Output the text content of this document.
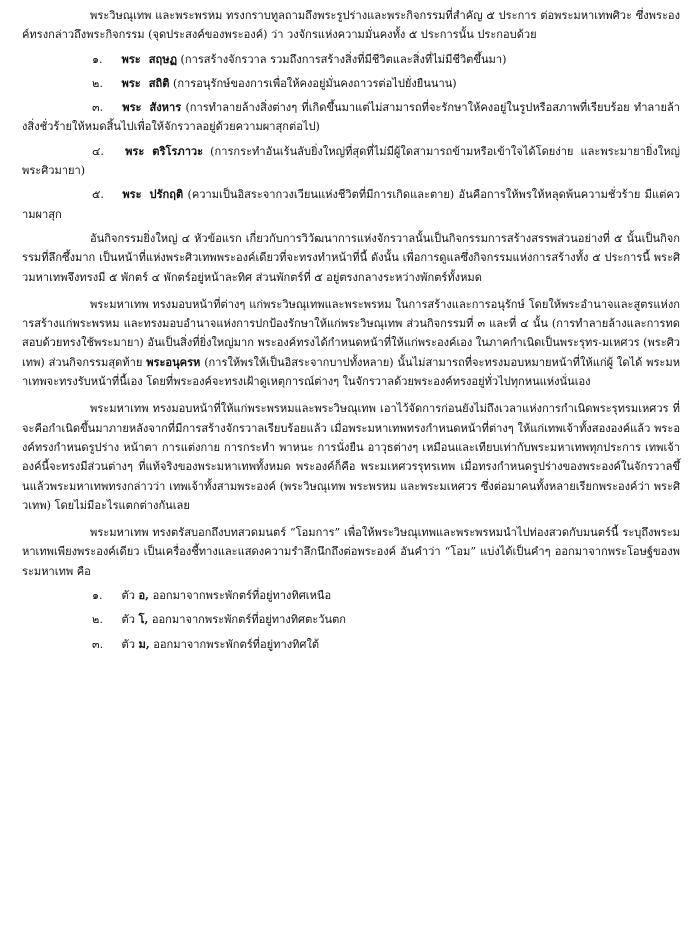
พระวิษณุเทพ และพระพรหม ทรงกราบทูลถามถึงพระรูปร่างและพระกิจกรรมที่สำคัญ ๕ ประการ ต่อพระมหาเทพศิวะ ซึ่งพระองค์ทรงกล่าวถึงพระกิจกรรม (จุดประสงค์ของพระองค์) ว่า วงจักรแห่งความมั่นคงทั้ง ๕ ประการนั้น ประกอบด้วย

๑. พระ สฤษฏ (การสร้างจักรวาล รวมถึงการสร้างสิ่งที่มีชีวิตและสิ่งที่ไม่มีชีวิตขึ้นมา)

๒. พระ สถิติ (การอนุรักษ์ของการเพื่อให้คงอยู่มั่นคงถาวรต่อไปยั่งยืนนาน)

๓. พระ สังหาร (การทำลายล้างสิ่งต่างๆ ที่เกิดขึ้นมาแต่ไม่สามารถที่จะรักษาให้คงอยู่ในรูปหรือสภาพที่เรียบร้อย ทำลายล้างสิ่งชั่วร้ายให้หมดสิ้นไปเพื่อให้จักรวาลอยู่ด้วยความผาสุกต่อไป)

๔. พระ ตริโรภาวะ (การกระทำอันเร้นลับยิ่งใหญ่ที่สุดที่ไม่มีผู้ใดสามารถข้ามหรือเข้าใจได้โดยง่าย และพระมายายิ่งใหญ่ พระศิวมายา)

๕. พระ ปรักฤติ (ความเป็นอิสระจากวงเวียนแห่งชีวิตที่มีการเกิดและตาย) อันคือการให้พรให้หลุดพ้นความชั่วร้าย มีแต่ความผาสุก

อันกิจกรรมยิ่งใหญ่ ๔ หัวข้อแรก เกี่ยวกับการวิวัฒนาการแห่งจักรวาลนั้นเป็นกิจกรรมการสร้างสรรพส่วนอย่างที่ ๕ นั้นเป็นกิจกรรมที่ลึกซึ้งมาก เป็นหน้าที่แห่งพระศิวเทพพระองค์เดียวที่จะทรงทำหน้าที่นี้ ดังนั้น เพื่อการดูแลซึ่งกิจกรรมแห่งการสร้างทั้ง ๕ ประการนี้ พระศิวมหาเทพจึงทรงมี ๕ พักตร์ ๔ พักตร์อยู่หน้าละทิศ ส่วนพักตร์ที่ ๕ อยู่ตรงกลางระหว่างพักตร์ทั้งหมด

พระมหาเทพ ทรงมอบหน้าที่ต่างๆ แก่พระวิษณุเทพและพระพรหม ในการสร้างและการอนุรักษ์ โดยให้พระอำนาจและสูตรแห่งการสร้างแก่พระพรหม และทรงมอบอำนาจแห่งการปกป้องรักษาให้แก่พระวิษณุเทพ ส่วนกิจกรรมที่ ๓ และที่ ๔ นั้น (การทำลายล้างและการทดสอบด้วยทรงใช้พระมายา) อันเป็นสิ่งที่ยิ่งใหญ่มาก พระองค์ทรงได้กำหนดหน้าที่ให้แก่พระองค์เอง ในภาคกำเนิดเป็นพระรุทร-มเหศวร (พระศิวเทพ) ส่วนกิจกรรมสุดท้าย พระอนุครห (การให้พรให้เป็นอิสระจากบาปทั้งหลาย) นั้นไม่สามารถที่จะทรงมอบหมายหน้าที่ให้แก่ผู้ ใดได้ พระมหาเทพจะทรงรับหน้าที่นี้เอง โดยที่พระองค์จะทรงเฝ้าดูเหตุการณ์ต่างๆ ในจักรวาลด้วยพระองค์ทรงอยู่ทั่วไปทุกหนแห่งนั่นเอง

พระมหาเทพ ทรงมอบหน้าที่ให้แก่พระพรหมและพระวิษณุเทพ เอาไว้จัดการก่อนยังไม่ถึงเวลาแห่งการกำเนิดพระรุทรมเหศวร ที่จะคือกำเนิดขึ้นมาภายหลังจากที่มีการสร้างจักรวาลเรียบร้อยแล้ว เมื่อพระมหาเทพทรงกำหนดหน้าที่ต่างๆ ให้แก่เทพเจ้าทั้งสององค์แล้ว พระองค์ทรงกำหนดรูปร่าง หน้าตา การแต่งกาย การกระทำ พาหนะ การนั่งยืน อาวุธต่างๆ เหมือนและเทียบเท่ากับพระมหาเทพทุกประการ เทพเจ้าองค์นี้จะทรงมีส่วนต่างๆ ที่แท้จริงของพระมหาเทพทั้งหมด พระองค์ก็คือ พระมเหศวรรุทรเทพ เมื่อทรงกำหนดรูปร่างของพระองค์ในจักรวาลขึ้นแล้วพระมหาเทพทรงกล่าวว่า เทพเจ้าทั้งสามพระองค์ (พระวิษณุเทพ พระพรหม และพระมเหศวร ซึ่งต่อมาคนทั้งหลายเรียกพระองค์ว่า พระศิวเทพ) โดยไม่มีอะไรแตกต่างกันเลย

พระมหาเทพ ทรงตรัสบอกถึงบทสวดมนตร์ “โอมการ” เพื่อให้พระวิษณุเทพและพระพรหมนำไปท่องสวดกับมนตร์นี้ ระบุถึงพระมหาเทพเพียงพระองค์เดียว เป็นเครื่องชี้ทางและแสดงความรำลึกนึกถึงต่อพระองค์ อันคำว่า “โอม” แบ่งได้เป็นคำๆ ออกมาจากพระโอษฐ์ของพระมหาเทพ คือ

๑. ตัว อ, ออกมาจากพระพักตร์ที่อยู่ทางทิศเหนือ

๒. ตัว โ, ออกมาจากพระพักตร์ที่อยู่ทางทิศตะวันตก

๓. ตัว ม, ออกมาจากพระพักตร์ที่อยู่ทางทิศใต้
